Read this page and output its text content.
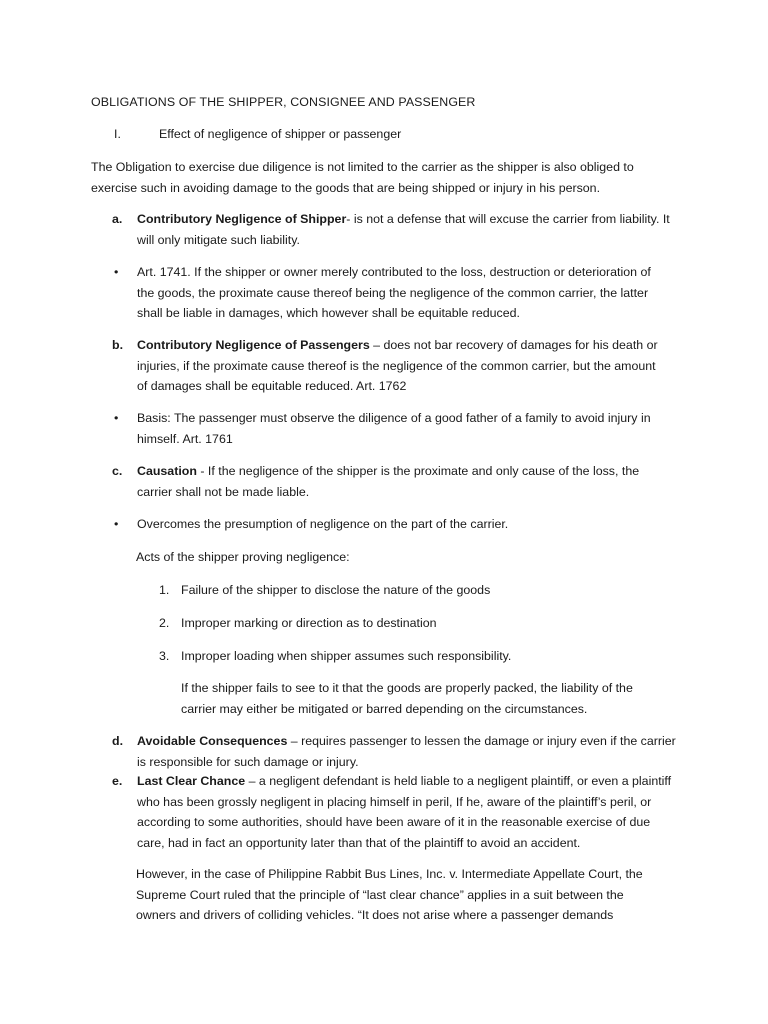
OBLIGATIONS OF THE SHIPPER, CONSIGNEE AND PASSENGER
I.	Effect of negligence of shipper or passenger
The Obligation to exercise due diligence is not limited to the carrier as the shipper is also obliged to
exercise such in avoiding damage to the goods that are being shipped or injury in his person.
a. Contributory Negligence of Shipper- is not a defense that will excuse the carrier from liability. It
will only mitigate such liability.
• Art. 1741. If the shipper or owner merely contributed to the loss, destruction or deterioration of
the goods, the proximate cause thereof being the negligence of the common carrier, the latter
shall be liable in damages, which however shall be equitable reduced.
b. Contributory Negligence of Passengers – does not bar recovery of damages for his death or
injuries, if the proximate cause thereof is the negligence of the common carrier, but the amount
of damages shall be equitable reduced. Art. 1762
• Basis: The passenger must observe the diligence of a good father of a family to avoid injury in
himself. Art. 1761
c. Causation - If the negligence of the shipper is the proximate and only cause of the loss, the
carrier shall not be made liable.
• Overcomes the presumption of negligence on the part of the carrier.
Acts of the shipper proving negligence:
1. Failure of the shipper to disclose the nature of the goods
2. Improper marking or direction as to destination
3. Improper loading when shipper assumes such responsibility.
If the shipper fails to see to it that the goods are properly packed, the liability of the
carrier may either be mitigated or barred depending on the circumstances.
d. Avoidable Consequences – requires passenger to lessen the damage or injury even if the carrier
is responsible for such damage or injury.
e. Last Clear Chance – a negligent defendant is held liable to a negligent plaintiff, or even a plaintiff
who has been grossly negligent in placing himself in peril, If he, aware of the plaintiff’s peril, or
according to some authorities, should have been aware of it in the reasonable exercise of due
care, had in fact an opportunity later than that of the plaintiff to avoid an accident.
However, in the case of Philippine Rabbit Bus Lines, Inc. v. Intermediate Appellate Court, the
Supreme Court ruled that the principle of “last clear chance” applies in a suit between the
owners and drivers of colliding vehicles. “It does not arise where a passenger demands
